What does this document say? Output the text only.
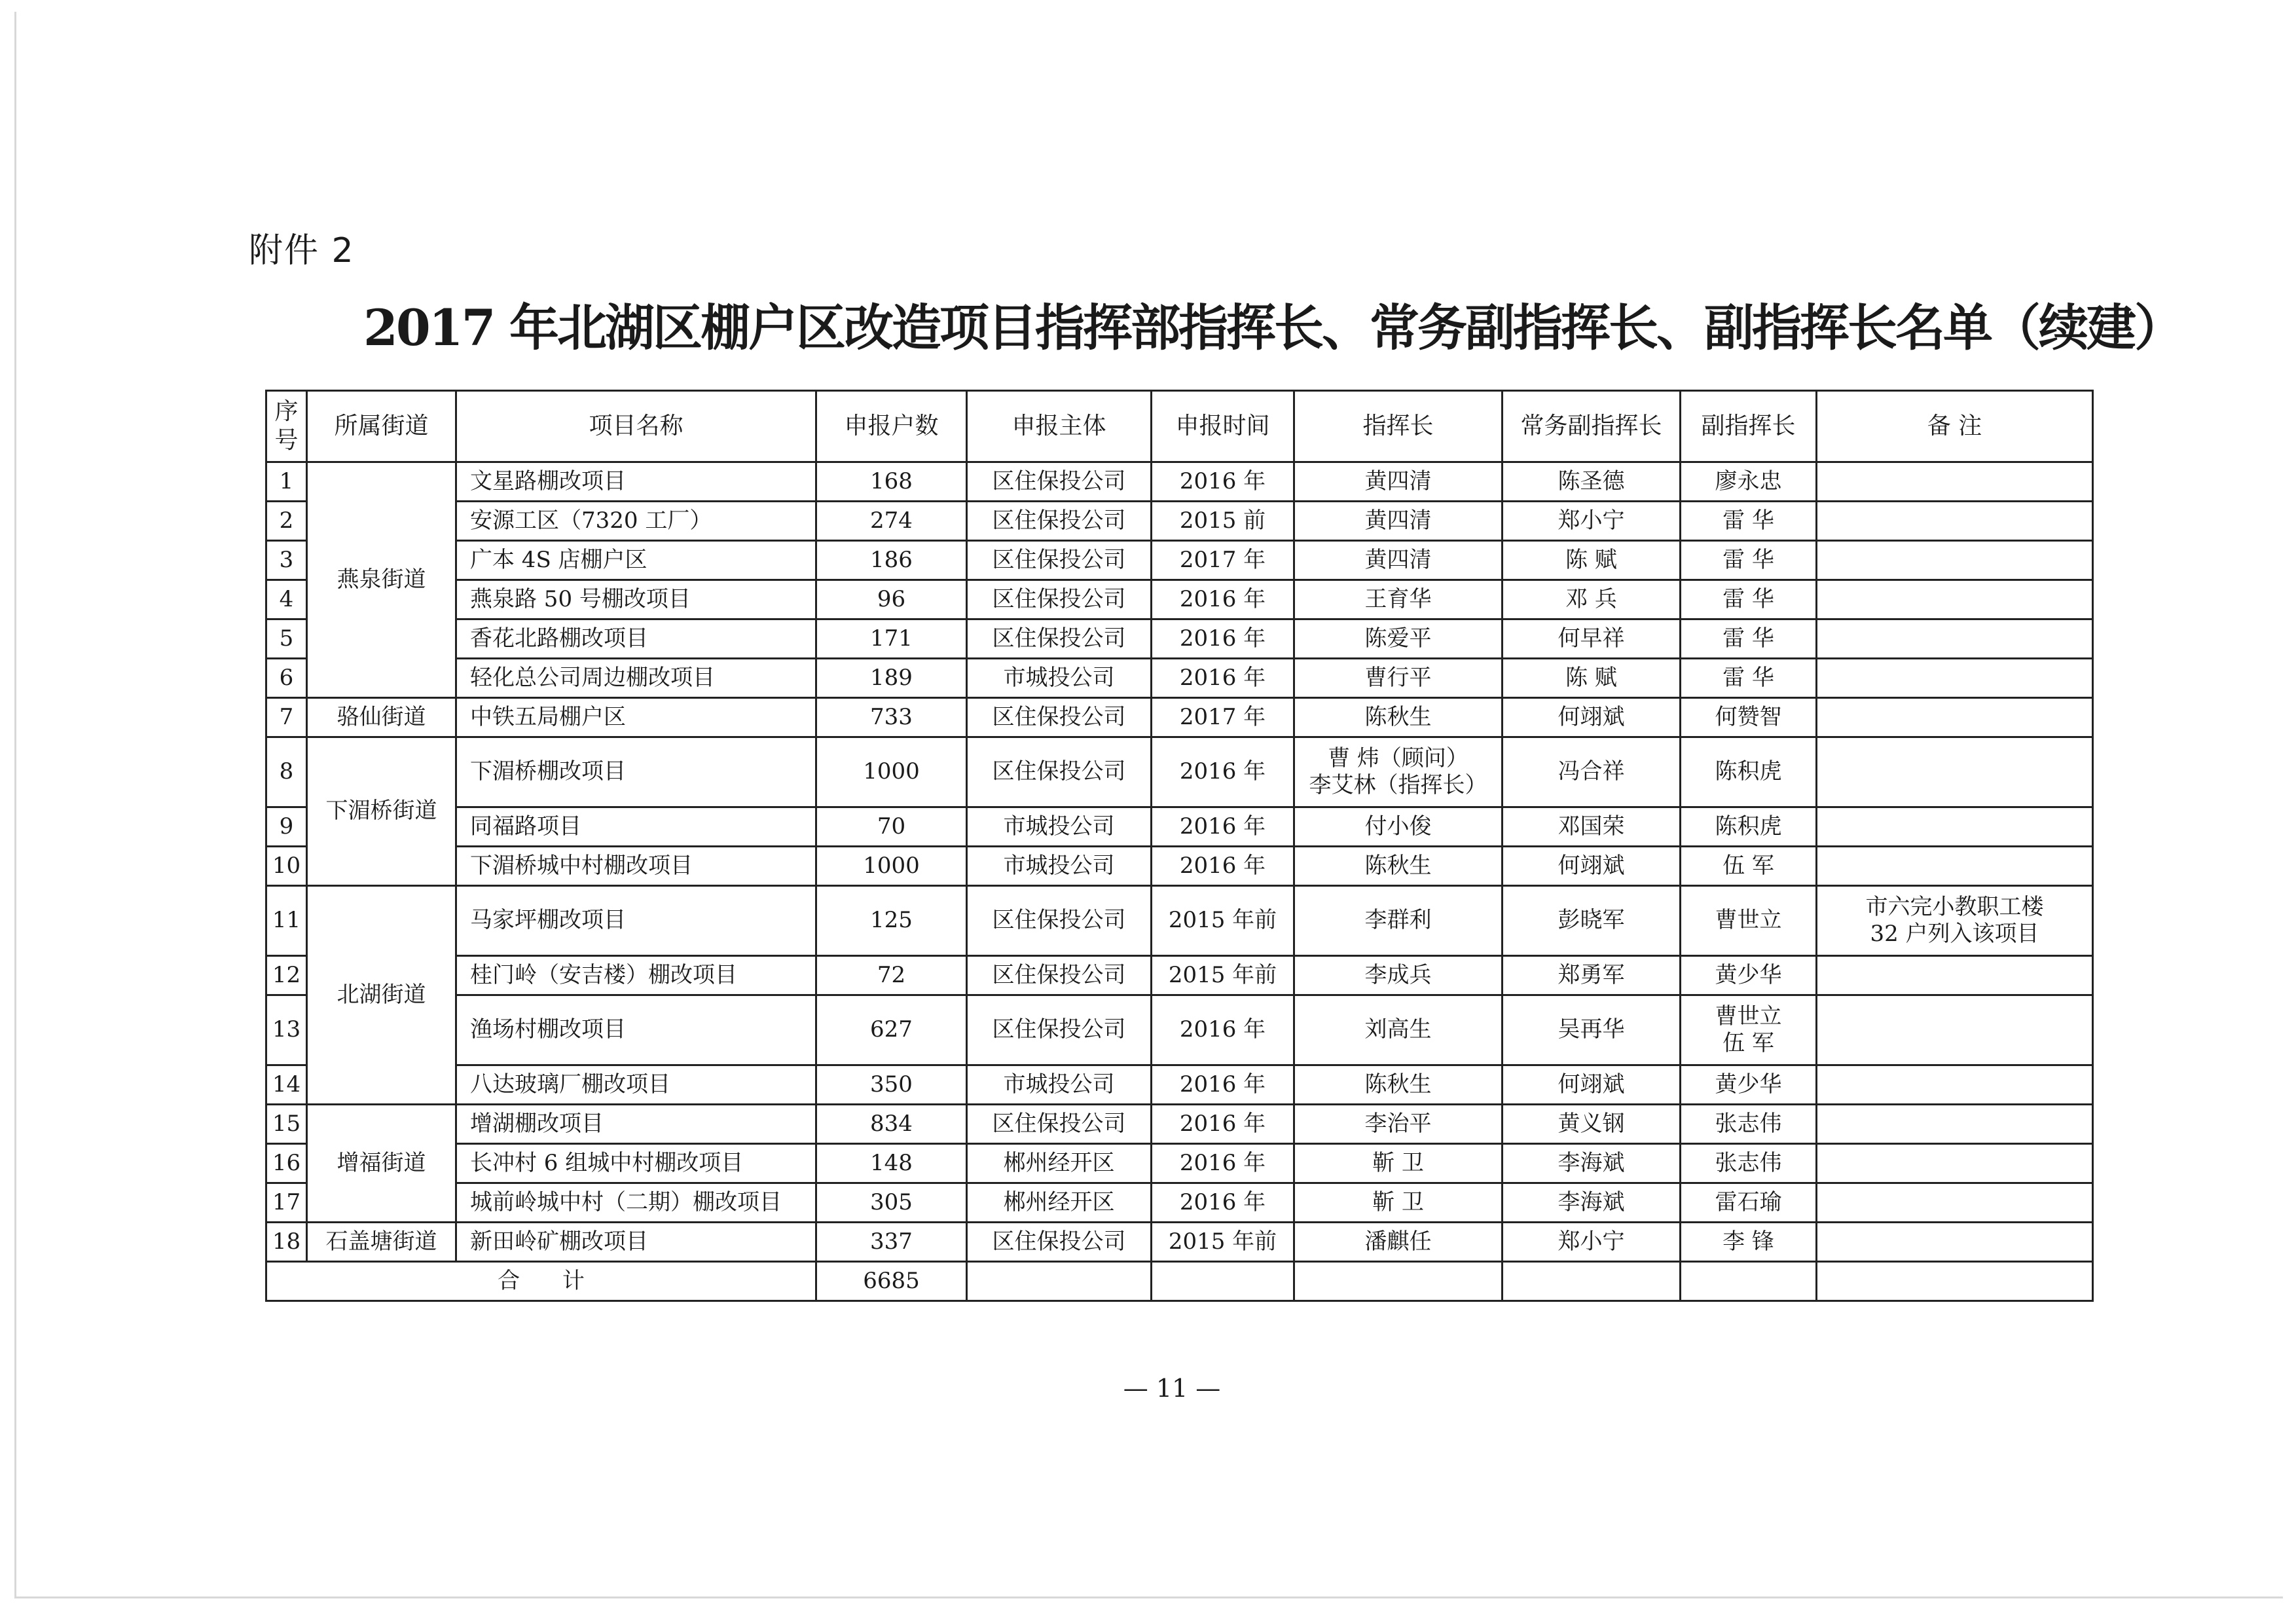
附件 2
2017 年北湖区棚户区改造项目指挥部指挥长、常务副指挥长、副指挥长名单（续建）
序
号	所属街道	项目名称	申报户数	申报主体	申报时间	指挥长	常务副指挥长	副指挥长	备 注
1	燕泉街道	文星路棚改项目	168	区住保投公司	2016 年	黄四清	陈圣德	廖永忠	
2		安源工区（7320 工厂）	274	区住保投公司	2015 前	黄四清	郑小宁	雷 华	
3		广本 4S 店棚户区	186	区住保投公司	2017 年	黄四清	陈 赋	雷 华	
4		燕泉路 50 号棚改项目	96	区住保投公司	2016 年	王育华	邓 兵	雷 华	
5		香花北路棚改项目	171	区住保投公司	2016 年	陈爱平	何早祥	雷 华	
6		轻化总公司周边棚改项目	189	市城投公司	2016 年	曹行平	陈 赋	雷 华	
7	骆仙街道	中铁五局棚户区	733	区住保投公司	2017 年	陈秋生	何翊斌	何赞智	
8	下湄桥街道	下湄桥棚改项目	1000	区住保投公司	2016 年	曹 炜（顾问）
李艾林（指挥长）	冯合祥	陈积虎	
9		同福路项目	70	市城投公司	2016 年	付小俊	邓国荣	陈积虎	
10		下湄桥城中村棚改项目	1000	市城投公司	2016 年	陈秋生	何翊斌	伍 军	
11	北湖街道	马家坪棚改项目	125	区住保投公司	2015 年前	李群利	彭晓军	曹世立	市六完小教职工楼
32 户列入该项目
12		桂门岭（安吉楼）棚改项目	72	区住保投公司	2015 年前	李成兵	郑勇军	黄少华	
13		渔场村棚改项目	627	区住保投公司	2016 年	刘高生	吴再华	曹世立
伍 军	
14		八达玻璃厂棚改项目	350	市城投公司	2016 年	陈秋生	何翊斌	黄少华	
15	增福街道	增湖棚改项目	834	区住保投公司	2016 年	李治平	黄义钢	张志伟	
16		长冲村 6 组城中村棚改项目	148	郴州经开区	2016 年	靳 卫	李海斌	张志伟	
17		城前岭城中村（二期）棚改项目	305	郴州经开区	2016 年	靳 卫	李海斌	雷石瑜	
18	石盖塘街道	新田岭矿棚改项目	337	区住保投公司	2015 年前	潘麒任	郑小宁	李 锋	
合      计			6685						
— 11 —
